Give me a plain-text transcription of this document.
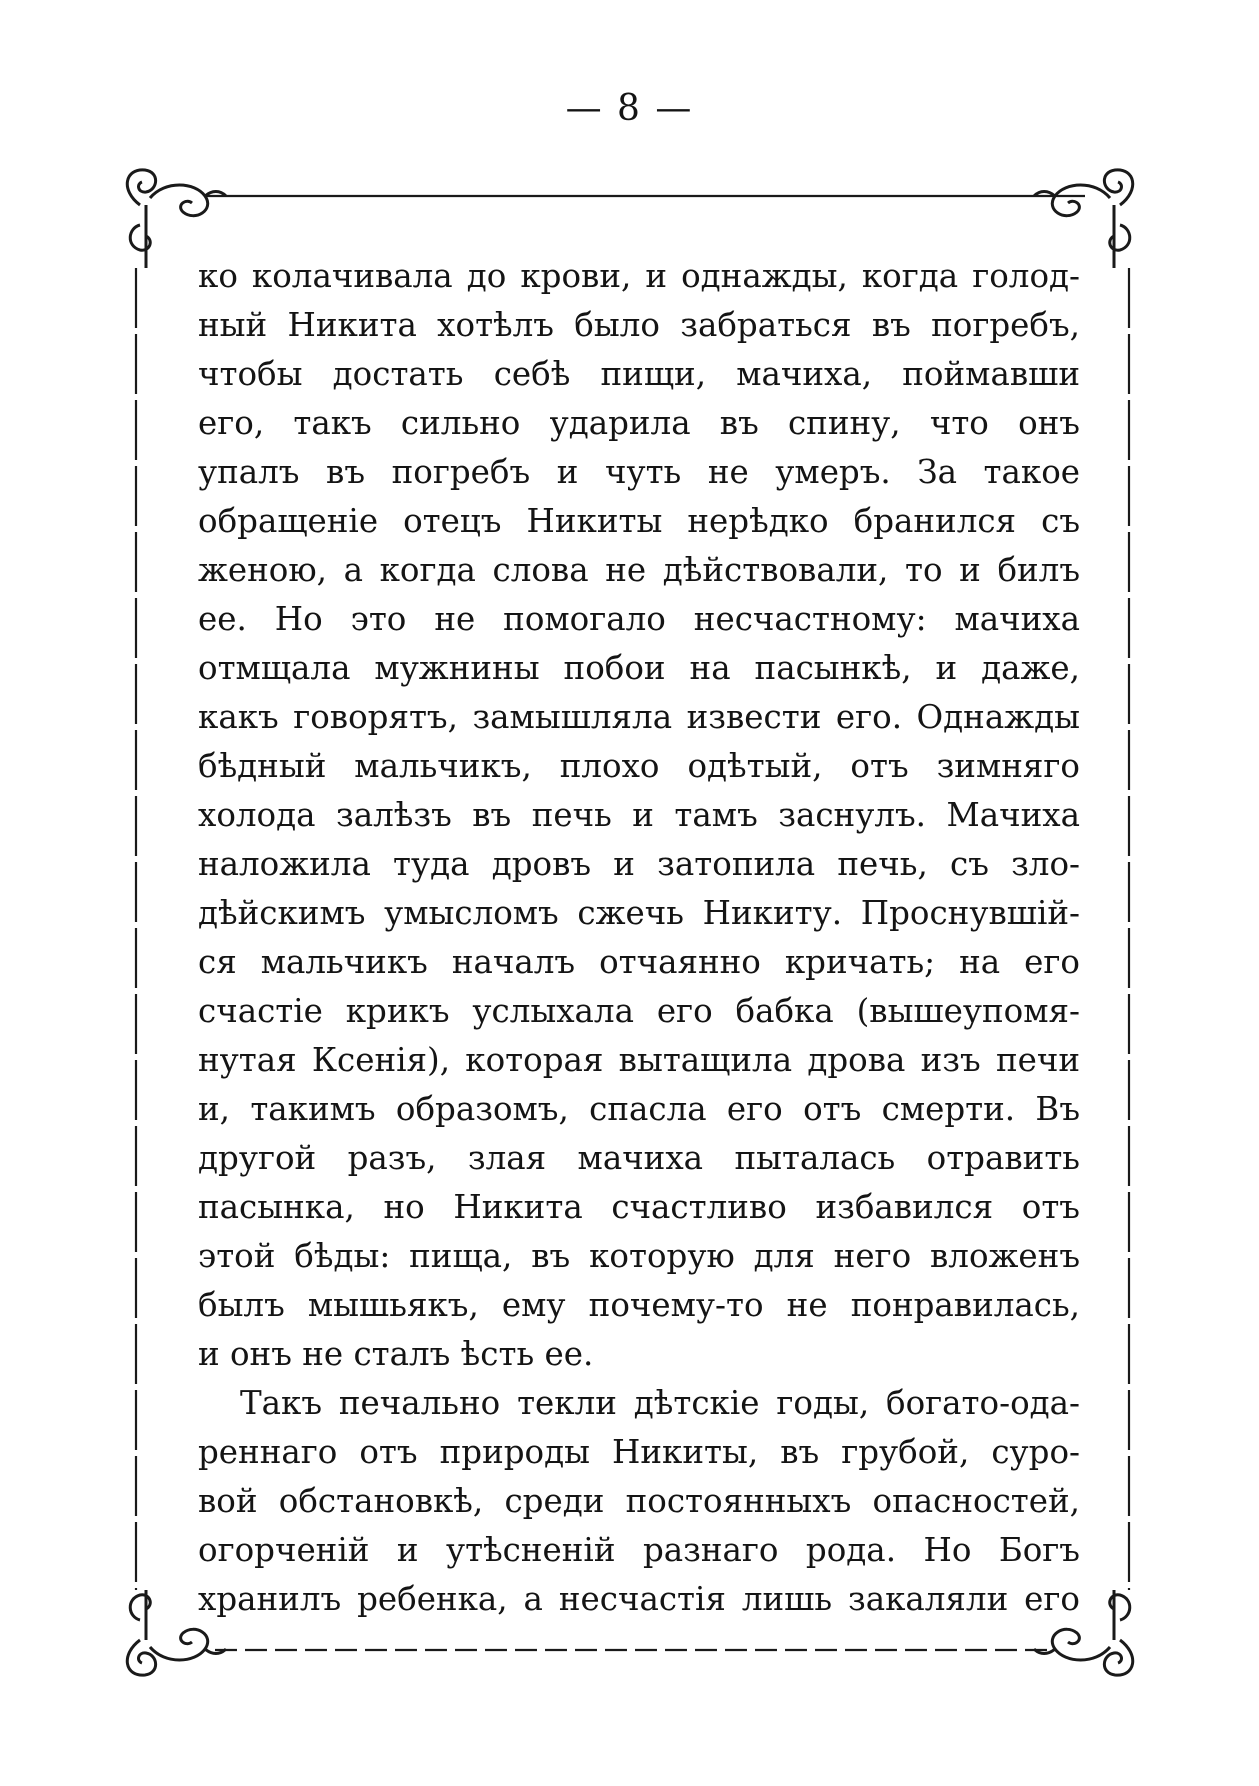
— 8 —
ко колачивала до крови, и однажды, когда голод-
ный Никита хотѣлъ было забраться въ погребъ,
чтобы достать себѣ пищи, мачиха, поймавши
его, такъ сильно ударила въ спину, что онъ
упалъ въ погребъ и чуть не умеръ. За такое
обращеніе отецъ Никиты нерѣдко бранился съ
женою, а когда слова не дѣйствовали, то и билъ
ее. Но это не помогало несчастному: мачиха
отмщала мужнины побои на пасынкѣ, и даже,
какъ говорятъ, замышляла извести его. Однажды
бѣдный мальчикъ, плохо одѣтый, отъ зимняго
холода залѣзъ въ печь и тамъ заснулъ. Мачиха
наложила туда дровъ и затопила печь, съ зло-
дѣйскимъ умысломъ сжечь Никиту. Проснувшій-
ся мальчикъ началъ отчаянно кричать; на его
счастіе крикъ услыхала его бабка (вышеупомя-
нутая Ксенія), которая вытащила дрова изъ печи
и, такимъ образомъ, спасла его отъ смерти. Въ
другой разъ, злая мачиха пыталась отравить
пасынка, но Никита счастливо избавился отъ
этой бѣды: пища, въ которую для него вложенъ
былъ мышьякъ, ему почему-то не понравилась,
и онъ не сталъ ѣсть ее.
Такъ печально текли дѣтскіе годы, богато-ода-
реннаго отъ природы Никиты, въ грубой, суро-
вой обстановкѣ, среди постоянныхъ опасностей,
огорченій и утѣсненій разнаго рода. Но Богъ
хранилъ ребенка, а несчастія лишь закаляли его
